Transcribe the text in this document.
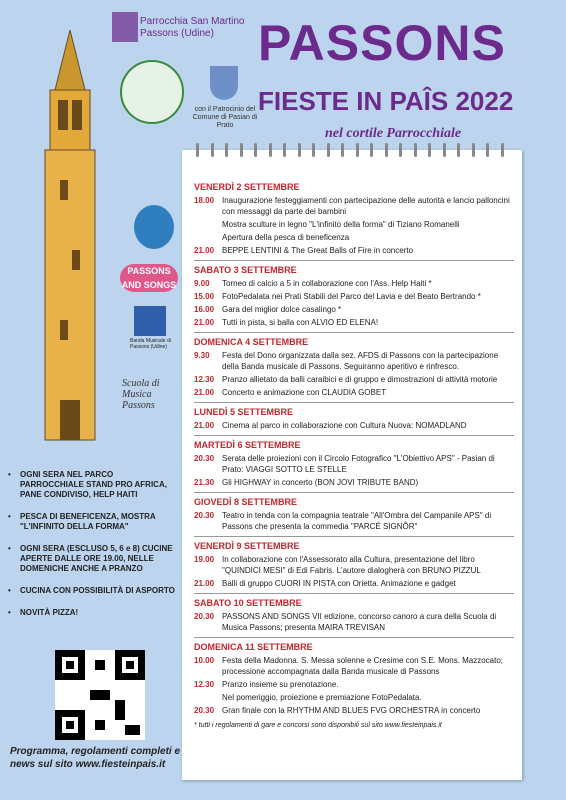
Parrocchia San Martino Passons (Udine)
con il Patrocinio del Comune di Pasian di Prato
PASSONS
FIESTE IN PAÎS 2022
nel cortile Parrocchiale
PASSONS AND SONGS
Banda Musicale di Passons (Udine)
Scuola di Musica Passons
VENERDÌ 2 SETTEMBRE
18.00 Inaugurazione festeggiamenti con partecipazione delle autorità e lancio palloncini con messaggi da parte dei bambini
Mostra sculture in legno "L'infinito della forma" di Tiziano Romanelli
Apertura della pesca di beneficenza
21.00 BEPPE LENTINI & The Great Balls of Fire in concerto
SABATO 3 SETTEMBRE
9.00	Torneo di calcio a 5 in collaborazione con l'Ass. Help Haiti *
15.00 FotoPedalata nei Prati Stabili del Parco del Lavia e del Beato Bertrando *
16.00 Gara del miglior dolce casalingo *
21.00 Tutti in pista, si balla con ALVIO ED ELENA!
DOMENICA 4 SETTEMBRE
9.30	Festa del Dono organizzata dalla sez. AFDS di Passons con la partecipazione della Banda musicale di Passons. Seguiranno aperitivo e rinfresco.
12.30 Pranzo allietato da balli caraibici e di gruppo e dimostrazioni di attività motorie
21.00 Concerto e animazione con CLAUDIA GOBET
LUNEDÌ 5 SETTEMBRE
21.00 Cinema al parco in collaborazione con Cultura Nuova: NOMADLAND
MARTEDÌ 6 SETTEMBRE
20.30 Serata delle proiezioni con il Circolo Fotografico "L'Obiettivo APS" - Pasian di Prato: VIAGGI SOTTO LE STELLE
21.30 Gli HIGHWAY in concerto (BON JOVI TRIBUTE BAND)
GIOVEDÌ 8 SETTEMBRE
20.30 Teatro in tenda con la compagnia teatrale "All'Ombra del Campanile APS" di Passons che presenta la commedia "PARCÉ SIGNÔR"
VENERDÌ 9 SETTEMBRE
19.00 In collaborazione con l'Assessorato alla Cultura, presentazione del libro "QUINDICI MESI" di Edi Fabris. L'autore dialogherà con BRUNO PIZZUL
21.00 Balli di gruppo CUORI IN PISTA con Orietta. Animazione e gadget
SABATO 10 SETTEMBRE
20.30 PASSONS AND SONGS VII edizione, concorso canoro a cura della Scuola di Musica Passons; presenta MAIRA TREVISAN
DOMENICA 11 SETTEMBRE
10.00 Festa della Madonna. S. Messa solenne e Cresime con S.E. Mons. Mazzocato; processione accompagnata dalla Banda musicale di Passons
12.30 Pranzo insieme su prenotazione.
Nel pomeriggio, proiezione e premiazione FotoPedalata.
20.30 Gran finale con la RHYTHM AND BLUES FVG ORCHESTRA in concerto
* tutti i regolamenti di gare e concorsi sono disponibili sul sito www.fiesteinpais.it
•	OGNI SERA NEL PARCO PARROCCHIALE STAND PRO AFRICA, PANE CONDIVISO, HELP HAITI
•	PESCA DI BENEFICENZA, MOSTRA "L'INFINITO DELLA FORMA"
•	OGNI SERA (ESCLUSO 5, 6 e 8) CUCINE APERTE DALLE ORE 19.00, NELLE DOMENICHE ANCHE A PRANZO
•	CUCINA CON POSSIBILITÀ DI ASPORTO
•	NOVITÀ PIZZA!
Programma, regolamenti completi e news sul sito www.fiesteinpais.it
